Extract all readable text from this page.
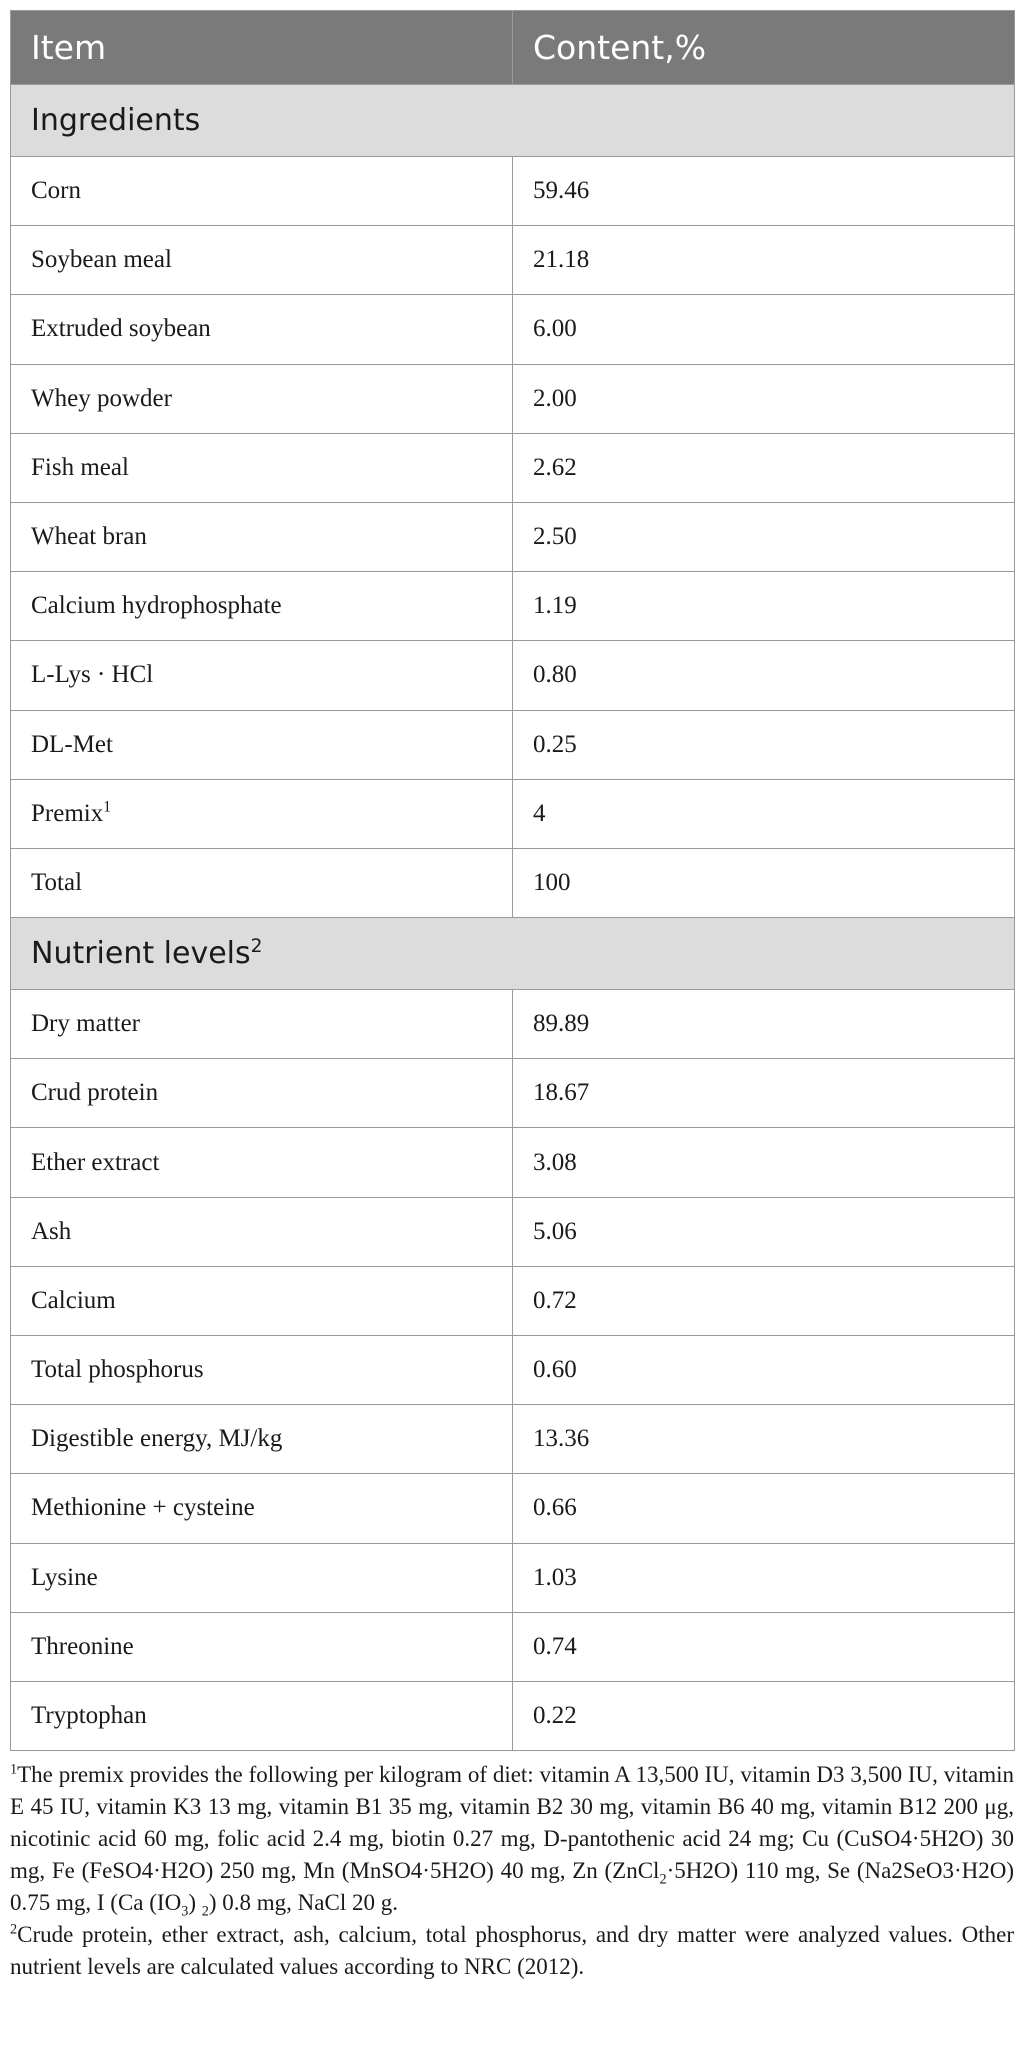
Item	Content,%
Ingredients	
Corn	59.46
Soybean meal	21.18
Extruded soybean	6.00
Whey powder	2.00
Fish meal	2.62
Wheat bran	2.50
Calcium hydrophosphate	1.19
L-Lys · HCl	0.80
DL-Met	0.25
Premix$^1$	4
Total	100
Nutrient levels$^2$
Dry matter	89.89
Crud protein	18.67
Ether extract	3.08
Ash	5.06
Calcium	0.72
Total phosphorus	0.60
Digestible energy, MJ/kg	13.36
Methionine + cysteine	0.66
Lysine	1.03
Threonine	0.74
Tryptophan	0.22

$^1$The premix provides the following per kilogram of diet: vitamin A 13,500 IU, vitamin D3 3,500 IU, vitamin E 45 IU, vitamin K3 13 mg, vitamin B1 35 mg, vitamin B2 30 mg, vitamin B6 40 mg, vitamin B12 200 μg, nicotinic acid 60 mg, folic acid 2.4 mg, biotin 0.27 mg, D-pantothenic acid 24 mg; Cu (CuSO4·5H2O) 30 mg, Fe (FeSO4·H2O) 250 mg, Mn (MnSO4·5H2O) 40 mg, Zn (ZnCl$_2$·5H2O) 110 mg, Se (Na2SeO3·H2O) 0.75 mg, I (Ca $(IO_3)$ $_2$) 0.8 mg, NaCl 20 g.

$^2$Crude protein, ether extract, ash, calcium, total phosphorus, and dry matter were analyzed values. Other nutrient levels are calculated values according to NRC (2012).
